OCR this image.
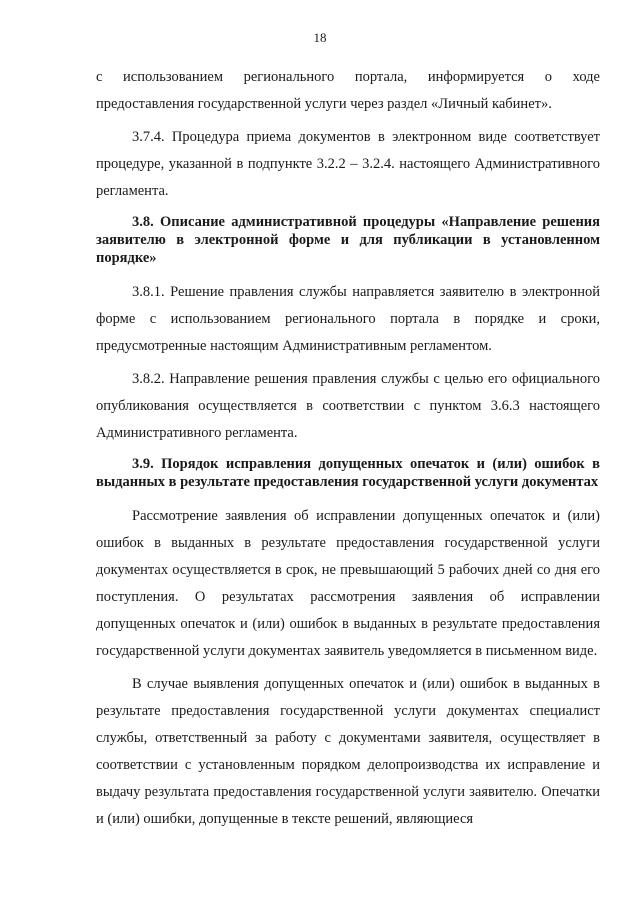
18

с использованием регионального портала, информируется о ходе

предоставления государственной услуги через раздел «Личный кабинет».

3.7.4. Процедура приема документов в электронном виде соответствует процедуре, указанной в подпункте 3.2.2 – 3.2.4. настоящего Административного регламента.

3.8. Описание административной процедуры «Направление решения заявителю в электронной форме и для публикации в установленном порядке»

3.8.1. Решение правления службы направляется заявителю в электронной форме с использованием регионального портала в порядке и сроки, предусмотренные настоящим Административным регламентом.

3.8.2. Направление решения правления службы с целью его официального опубликования осуществляется в соответствии с пунктом 3.6.3 настоящего Административного регламента.

3.9. Порядок исправления допущенных опечаток и (или) ошибок в выданных в результате предоставления государственной услуги документах

Рассмотрение заявления об исправлении допущенных опечаток и (или) ошибок в выданных в результате предоставления государственной услуги документах осуществляется в срок, не превышающий 5 рабочих дней со дня его поступления. О результатах рассмотрения заявления об исправлении допущенных опечаток и (или) ошибок в выданных в результате предоставления государственной услуги документах заявитель уведомляется в письменном виде.

В случае выявления допущенных опечаток и (или) ошибок в выданных в результате предоставления государственной услуги документах специалист службы, ответственный за работу с документами заявителя, осуществляет в соответствии с установленным порядком делопроизводства их исправление и выдачу результата предоставления государственной услуги заявителю. Опечатки и (или) ошибки, допущенные в тексте решений, являющиеся
